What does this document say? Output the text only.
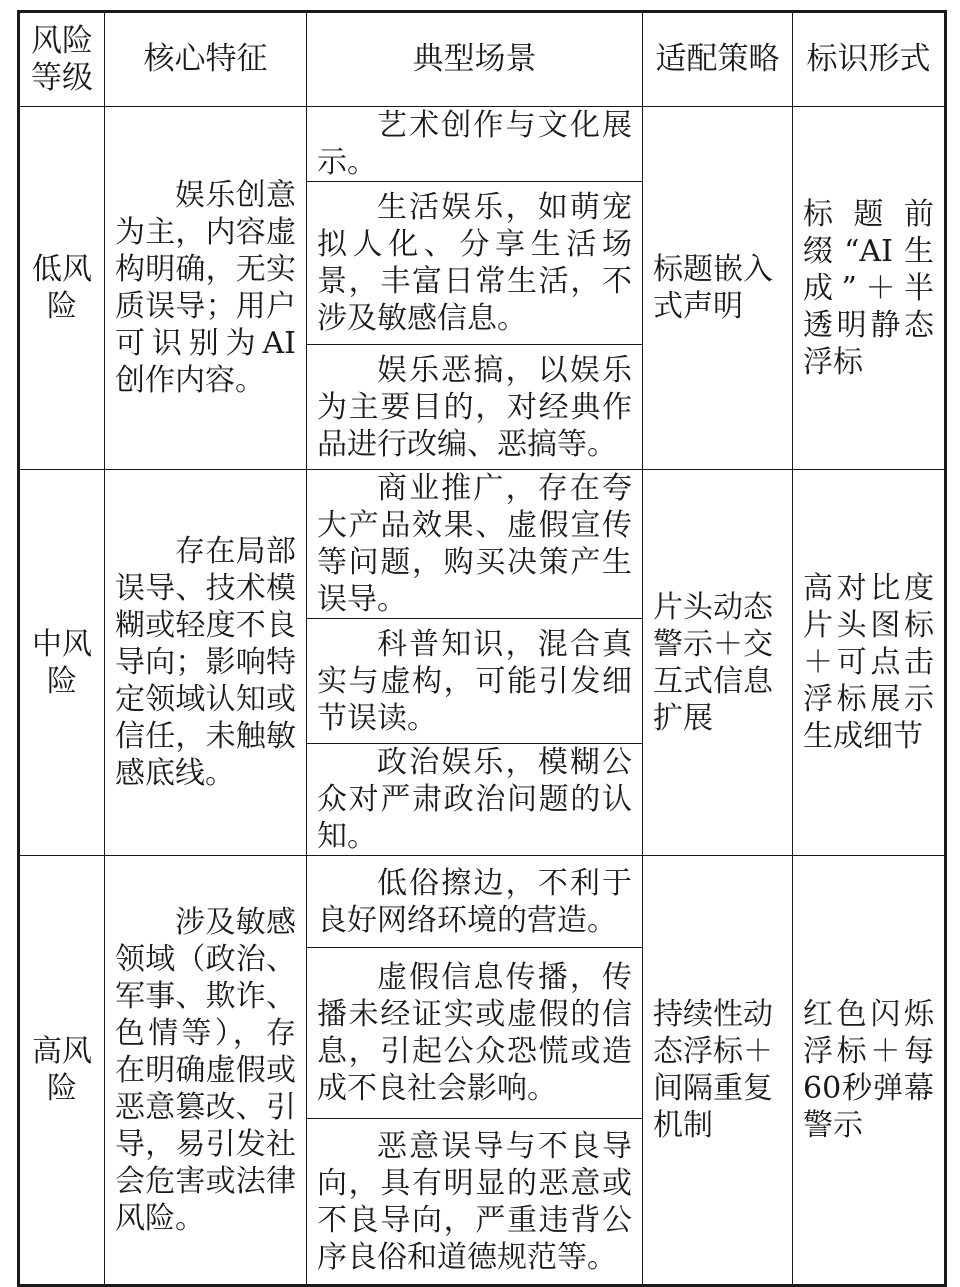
风险等级	核心特征	典型场景	适配策略	标识形式
低风险	娱乐创意为主，内容虚构明确，无实质误导；用户可识别为AI创作内容。	艺术创作与文化展示。	标题嵌入式声明	标题前缀“AI生成”＋半透明静态浮标
		生活娱乐，如萌宠拟人化、分享生活场景，丰富日常生活，不涉及敏感信息。		
		娱乐恶搞，以娱乐为主要目的，对经典作品进行改编、恶搞等。		
中风险	存在局部误导、技术模糊或轻度不良导向；影响特定领域认知或信任，未触敏感底线。	商业推广，存在夸大产品效果、虚假宣传等问题，购买决策产生误导。	片头动态警示＋交互式信息扩展	高对比度片头图标＋可点击浮标展示生成细节
		科普知识，混合真实与虚构，可能引发细节误读。		
		政治娱乐，模糊公众对严肃政治问题的认知。		
高风险	涉及敏感领域（政治、军事、欺诈、色情等），存在明确虚假或恶意篡改、引导，易引发社会危害或法律风险。	低俗擦边，不利于良好网络环境的营造。	持续性动态浮标＋间隔重复机制	红色闪烁浮标＋每60秒弹幕警示
		虚假信息传播，传播未经证实或虚假的信息，引起公众恐慌或造成不良社会影响。		
		恶意误导与不良导向，具有明显的恶意或不良导向，严重违背公序良俗和道德规范等。		
